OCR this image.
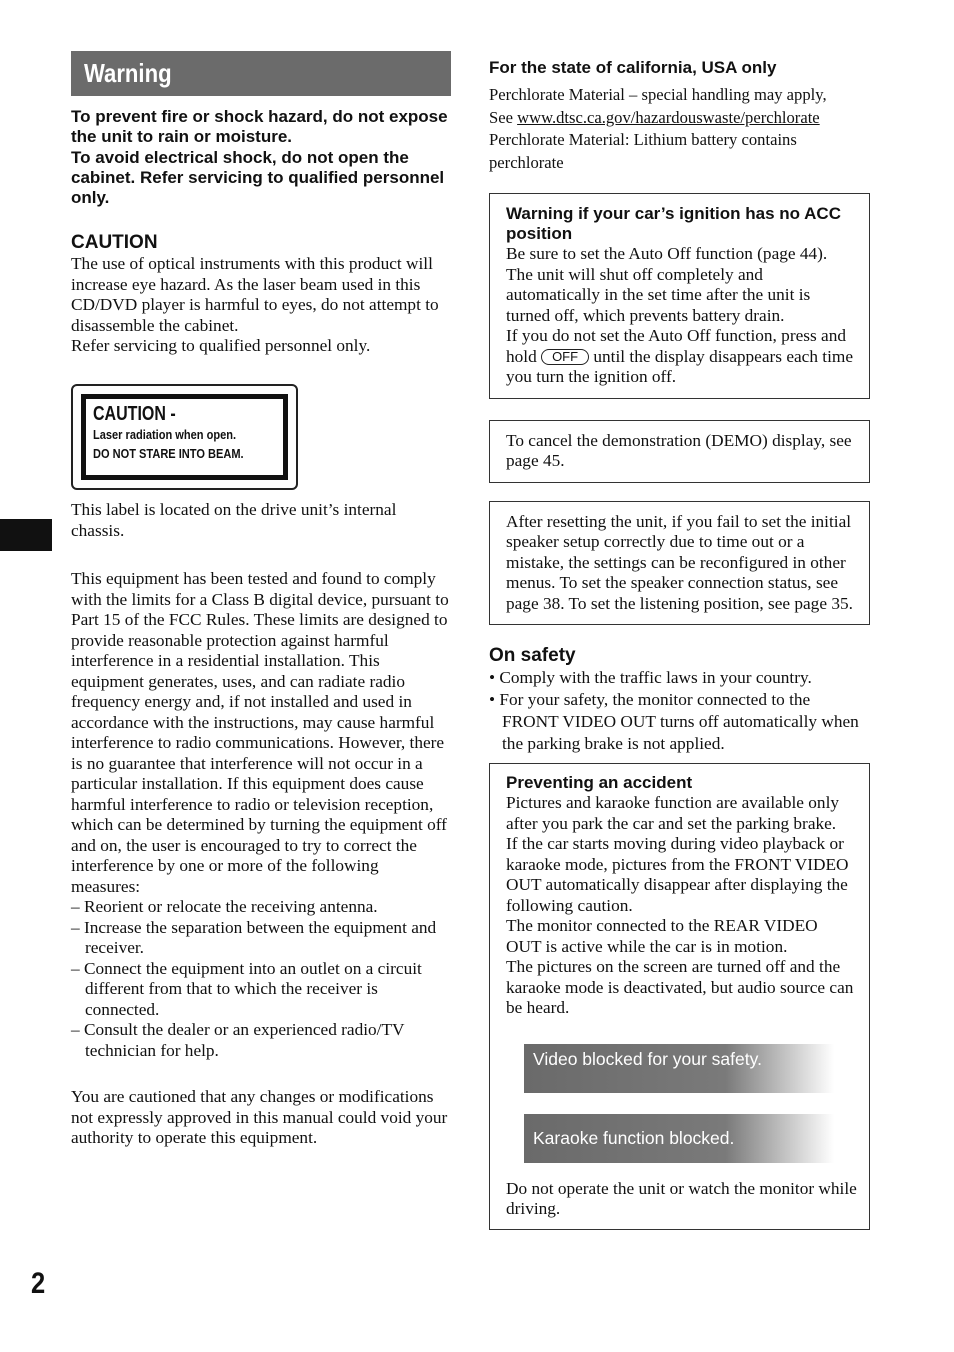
2
Warning

To prevent fire or shock hazard, do not expose the unit to rain or moisture.

To avoid electrical shock, do not open the cabinet. Refer servicing to qualified personnel only.

CAUTION

The use of optical instruments with this product will increase eye hazard. As the laser beam used in this CD/DVD player is harmful to eyes, do not attempt to disassemble the cabinet.

Refer servicing to qualified personnel only.

CAUTION -
Laser radiation when open.
DO NOT STARE INTO BEAM.

This label is located on the drive unit’s internal chassis.

This equipment has been tested and found to comply with the limits for a Class B digital device, pursuant to Part 15 of the FCC Rules. These limits are designed to provide reasonable protection against harmful interference in a residential installation. This equipment generates, uses, and can radiate radio frequency energy and, if not installed and used in accordance with the instructions, may cause harmful interference to radio communications. However, there is no guarantee that interference will not occur in a particular installation. If this equipment does cause harmful interference to radio or television reception, which can be determined by turning the equipment off and on, the user is encouraged to try to correct the interference by one or more of the following measures:

– Reorient or relocate the receiving antenna.

– Increase the separation between the equipment and receiver.

– Connect the equipment into an outlet on a circuit different from that to which the receiver is connected.

– Consult the dealer or an experienced radio/TV technician for help.

You are cautioned that any changes or modifications not expressly approved in this manual could void your authority to operate this equipment.

For the state of california, USA only

Perchlorate Material – special handling may apply,
See www.dtsc.ca.gov/hazardouswaste/perchlorate
Perchlorate Material: Lithium battery contains perchlorate

Warning if your car’s ignition has no ACC position

Be sure to set the Auto Off function (page 44).

The unit will shut off completely and automatically in the set time after the unit is turned off, which prevents battery drain.

If you do not set the Auto Off function, press and hold OFF until the display disappears each time you turn the ignition off.

To cancel the demonstration (DEMO) display, see page 45.

After resetting the unit, if you fail to set the initial speaker setup correctly due to time out or a mistake, the settings can be reconfigured in other menus. To set the speaker connection status, see page 38. To set the listening position, see page 35.

On safety

• Comply with the traffic laws in your country.

• For your safety, the monitor connected to the FRONT VIDEO OUT turns off automatically when the parking brake is not applied.

Preventing an accident

Pictures and karaoke function are available only after you park the car and set the parking brake.

If the car starts moving during video playback or karaoke mode, pictures from the FRONT VIDEO OUT automatically disappear after displaying the following caution.

The monitor connected to the REAR VIDEO OUT is active while the car is in motion.

The pictures on the screen are turned off and the karaoke mode is deactivated, but audio source can be heard.

Video blocked for your safety.
Karaoke function blocked.

Do not operate the unit or watch the monitor while driving.
